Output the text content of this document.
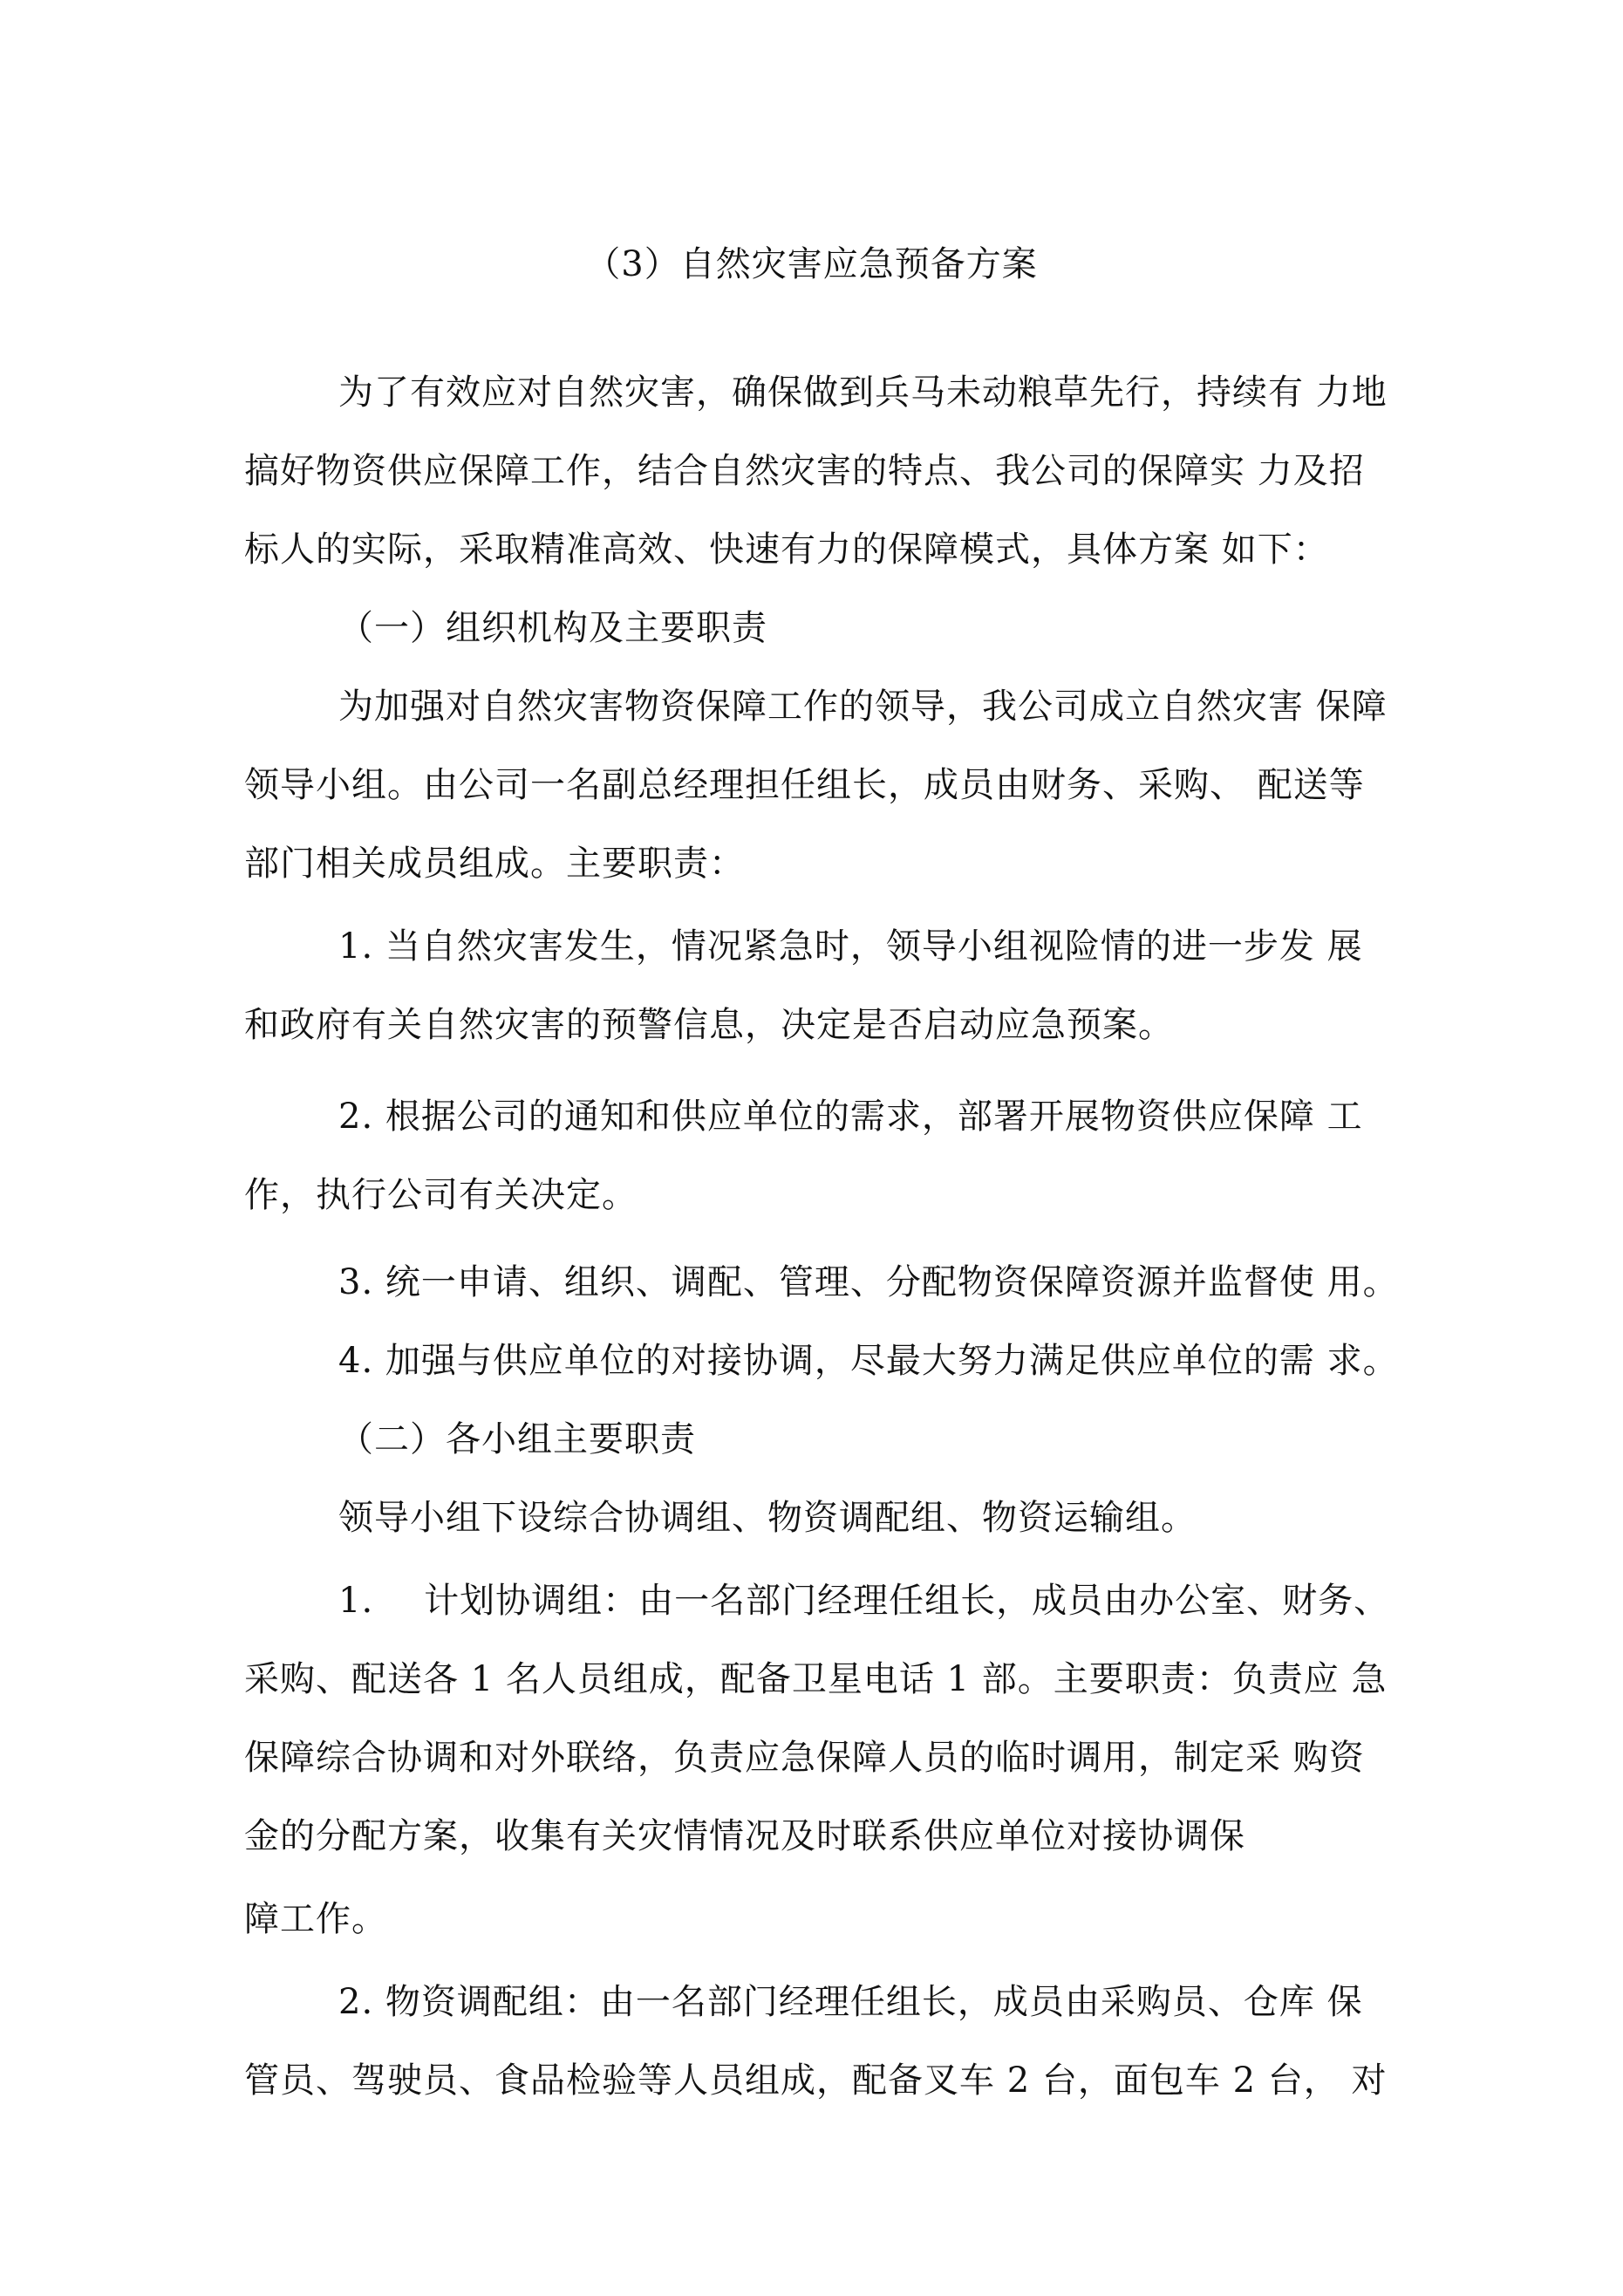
（3）自然灾害应急预备方案
为了有效应对自然灾害，确保做到兵马未动粮草先行，持续有 力地
搞好物资供应保障工作，结合自然灾害的特点、我公司的保障实 力及招
标人的实际，采取精准高效、快速有力的保障模式，具体方案 如下：
（一）组织机构及主要职责
为加强对自然灾害物资保障工作的领导，我公司成立自然灾害 保障
领导小组。由公司一名副总经理担任组长，成员由财务、采购、 配送等
部门相关成员组成。主要职责：
1. 当自然灾害发生，情况紧急时，领导小组视险情的进一步发 展
和政府有关自然灾害的预警信息，决定是否启动应急预案。
2. 根据公司的通知和供应单位的需求，部署开展物资供应保障 工
作，执行公司有关决定。
3. 统一申请、组织、调配、管理、分配物资保障资源并监督使 用。
4. 加强与供应单位的对接协调，尽最大努力满足供应单位的需 求。
（二）各小组主要职责
领导小组下设综合协调组、物资调配组、物资运输组。
1. 计划协调组：由一名部门经理任组长，成员由办公室、财务、
采购、配送各 1 名人员组成，配备卫星电话 1 部。主要职责：负责应 急
保障综合协调和对外联络，负责应急保障人员的临时调用，制定采 购资
金的分配方案，收集有关灾情情况及时联系供应单位对接协调保
障工作。
2. 物资调配组：由一名部门经理任组长，成员由采购员、仓库 保
管员、驾驶员、食品检验等人员组成，配备叉车 2 台，面包车 2 台， 对
